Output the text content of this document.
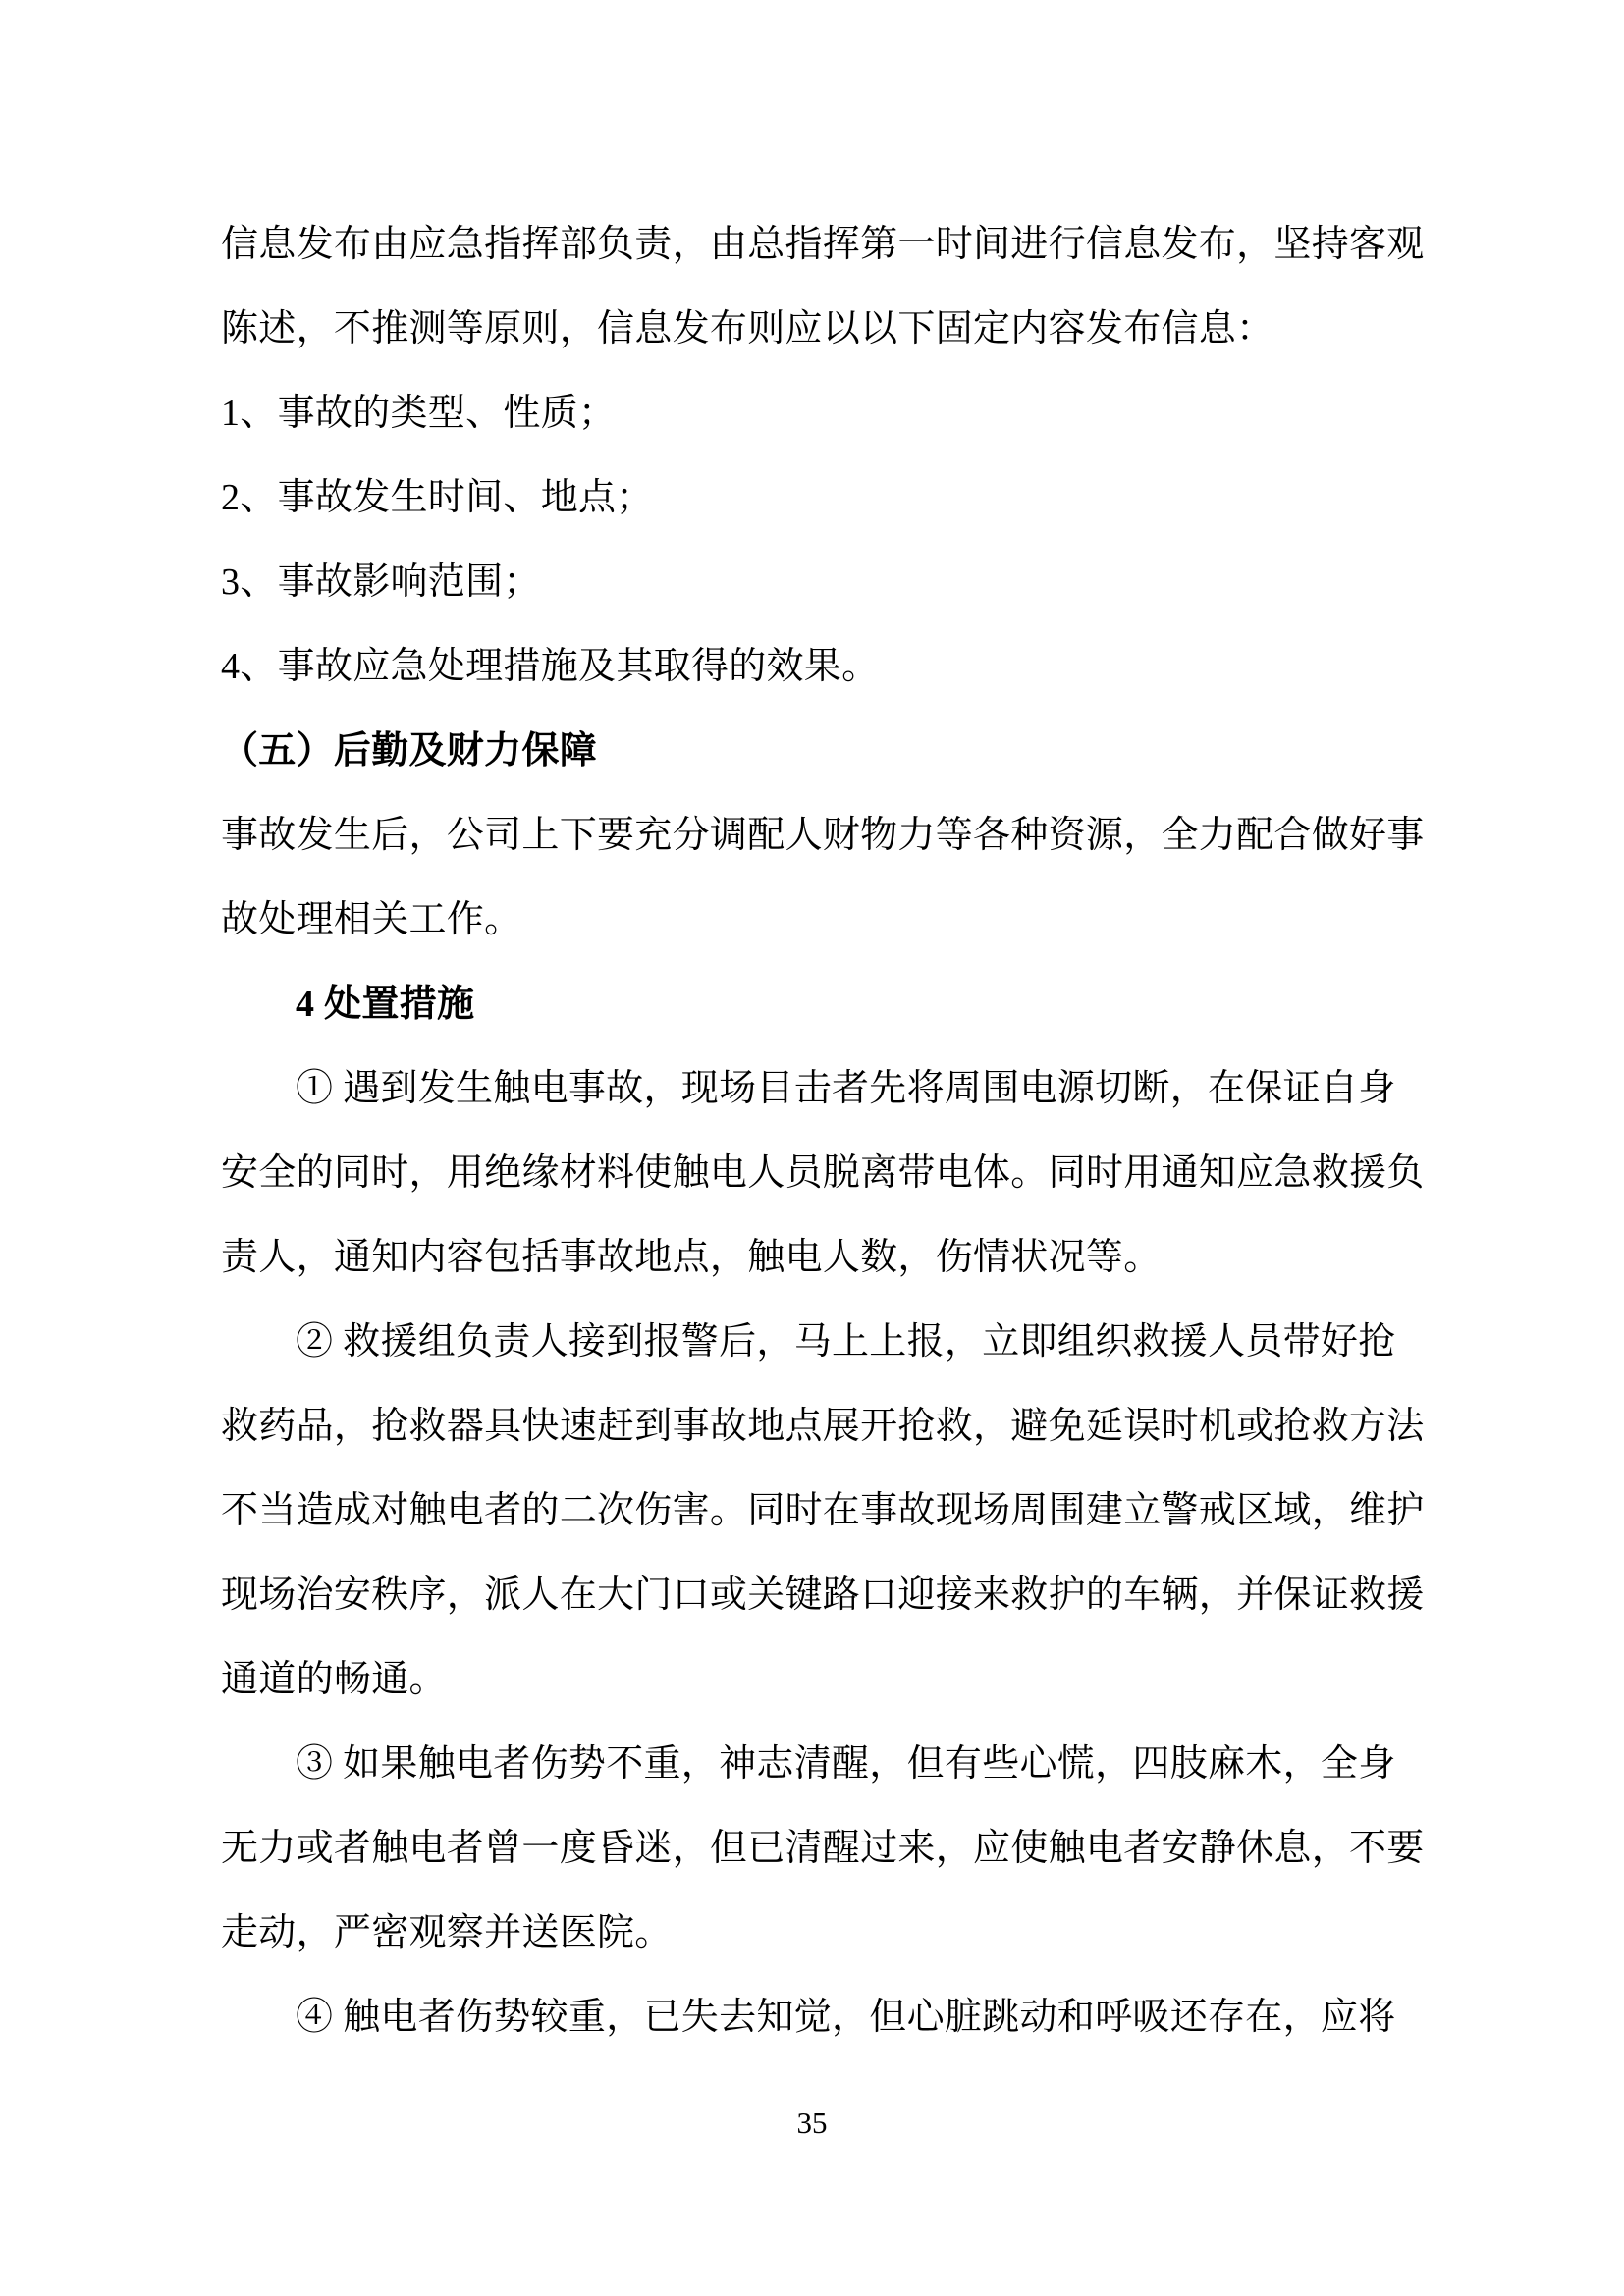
信息发布由应急指挥部负责，由总指挥第一时间进行信息发布，坚持客观
陈述，不推测等原则，信息发布则应以以下固定内容发布信息：
1、事故的类型、性质；
2、事故发生时间、地点；
3、事故影响范围；
4、事故应急处理措施及其取得的效果。
（五）后勤及财力保障
事故发生后，公司上下要充分调配人财物力等各种资源，全力配合做好事
故处理相关工作。
4 处置措施
① 遇到发生触电事故，现场目击者先将周围电源切断，在保证自身
安全的同时，用绝缘材料使触电人员脱离带电体。同时用通知应急救援负
责人，通知内容包括事故地点，触电人数，伤情状况等。
② 救援组负责人接到报警后，马上上报，立即组织救援人员带好抢
救药品，抢救器具快速赶到事故地点展开抢救，避免延误时机或抢救方法
不当造成对触电者的二次伤害。同时在事故现场周围建立警戒区域，维护
现场治安秩序，派人在大门口或关键路口迎接来救护的车辆，并保证救援
通道的畅通。
③ 如果触电者伤势不重，神志清醒，但有些心慌，四肢麻木，全身
无力或者触电者曾一度昏迷，但已清醒过来，应使触电者安静休息，不要
走动，严密观察并送医院。
④ 触电者伤势较重，已失去知觉，但心脏跳动和呼吸还存在，应将
35
